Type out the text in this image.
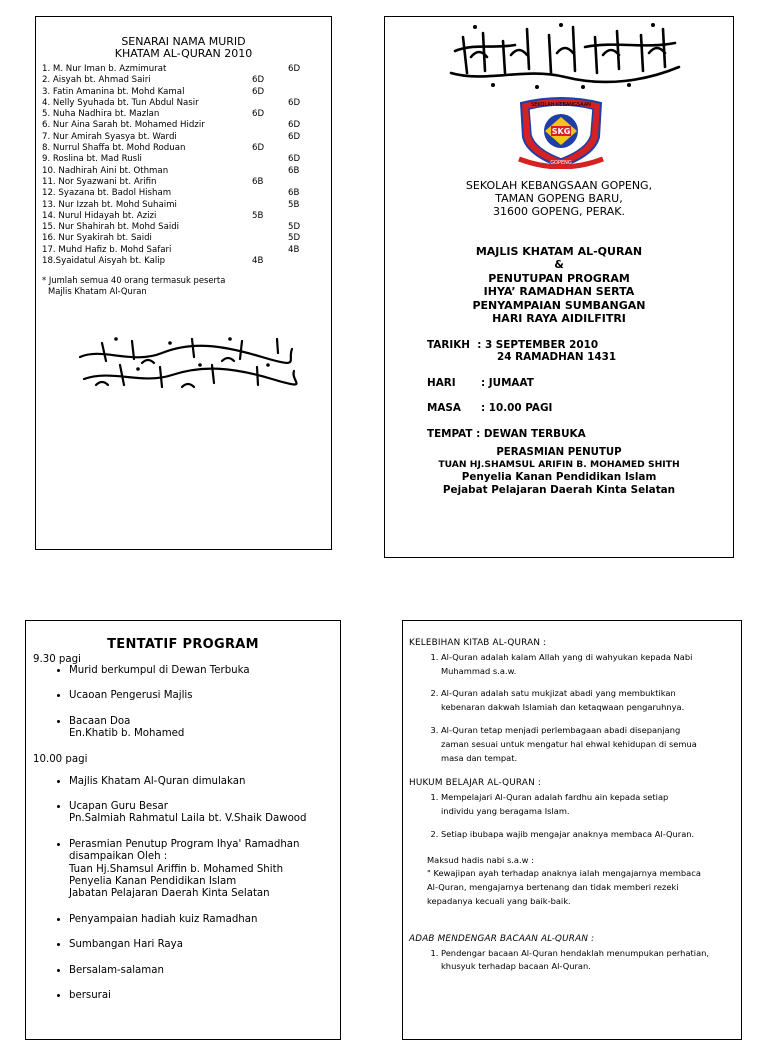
SENARAI NAMA MURID
KHATAM AL-QURAN 2010
1. M. Nur Iman b. Azmimurat	6D
2. Aisyah bt. Ahmad Sairi	6D
3. Fatin Amanina bt. Mohd Kamal	6D
4. Nelly Syuhada bt. Tun Abdul Nasir	6D
5. Nuha Nadhira bt. Mazlan	6D
6. Nur Aina Sarah bt. Mohamed Hidzir	6D
7. Nur Amirah Syasya bt. Wardi	6D
8. Nurrul Shaffa bt. Mohd Roduan	6D
9. Roslina bt. Mad Rusli	6D
10. Nadhirah Aini bt. Othman	6B
11. Nor Syazwani bt. Arifin	6B
12. Syazana bt. Badol Hisham	6B
13. Nur Izzah bt. Mohd Suhaimi	5B
14. Nurul Hidayah bt. Azizi	5B
15. Nur Shahirah bt. Mohd Saidi	5D
16. Nur Syakirah bt. Saidi	5D
17. Muhd Hafiz b. Mohd Safari	4B
18.Syaidatul Aisyah bt. Kalip	4B
* Jumlah semua 40 orang termasuk peserta
Majlis Khatam Al-Quran
SEKOLAH KEBANGSAAN
SKG
GOPENG
SEKOLAH KEBANGSAAN GOPENG,
TAMAN GOPENG BARU,
31600 GOPENG, PERAK.
MAJLIS KHATAM AL-QURAN
&
PENUTUPAN PROGRAM
IHYA’ RAMADHAN SERTA
PENYAMPAIAN SUMBANGAN
HARI RAYA AIDILFITRI
TARIKH : 3 SEPTEMBER 2010
24 RAMADHAN 1431
HARI : JUMAAT
MASA : 10.00 PAGI
TEMPAT : DEWAN TERBUKA
PERASMIAN PENUTUP
TUAN HJ.SHAMSUL ARIFIN B. MOHAMED SHITH
Penyelia Kanan Pendidikan Islam
Pejabat Pelajaran Daerah Kinta Selatan
TENTATIF PROGRAM
9.30 pagi
• Murid berkumpul di Dewan Terbuka
• Ucaoan Pengerusi Majlis
• Bacaan Doa
En.Khatib b. Mohamed
10.00 pagi
• Majlis Khatam Al-Quran dimulakan
• Ucapan Guru Besar
Pn.Salmiah Rahmatul Laila bt. V.Shaik Dawood
• Perasmian Penutup Program Ihya' Ramadhan
disampaikan Oleh :
Tuan Hj.Shamsul Ariffin b. Mohamed Shith
Penyelia Kanan Pendidikan Islam
Jabatan Pelajaran Daerah Kinta Selatan
• Penyampaian hadiah kuiz Ramadhan
• Sumbangan Hari Raya
• Bersalam-salaman
• bersurai
KELEBIHAN KITAB AL-QURAN :
1. Al-Quran adalah kalam Allah yang di wahyukan kepada Nabi
Muhammad s.a.w.
2. Al-Quran adalah satu mukjizat abadi yang membuktikan
kebenaran dakwah Islamiah dan ketaqwaan pengaruhnya.
3. Al-Quran tetap menjadi perlembagaan abadi disepanjang
zaman sesuai untuk mengatur hal ehwal kehidupan di semua
masa dan tempat.
HUKUM BELAJAR AL-QURAN :
1. Mempelajari Al-Quran adalah fardhu ain kepada setiap
individu yang beragama Islam.
2. Setiap ibubapa wajib mengajar anaknya membaca Al-Quran.
Maksud hadis nabi s.a.w :
" Kewajipan ayah terhadap anaknya ialah mengajarnya membaca
Al-Quran, mengajarnya bertenang dan tidak memberi rezeki
kepadanya kecuali yang baik-baik.
ADAB MENDENGAR BACAAN AL-QURAN :
1. Pendengar bacaan Al-Quran hendaklah menumpukan perhatian,
khusyuk terhadap bacaan Al-Quran.
